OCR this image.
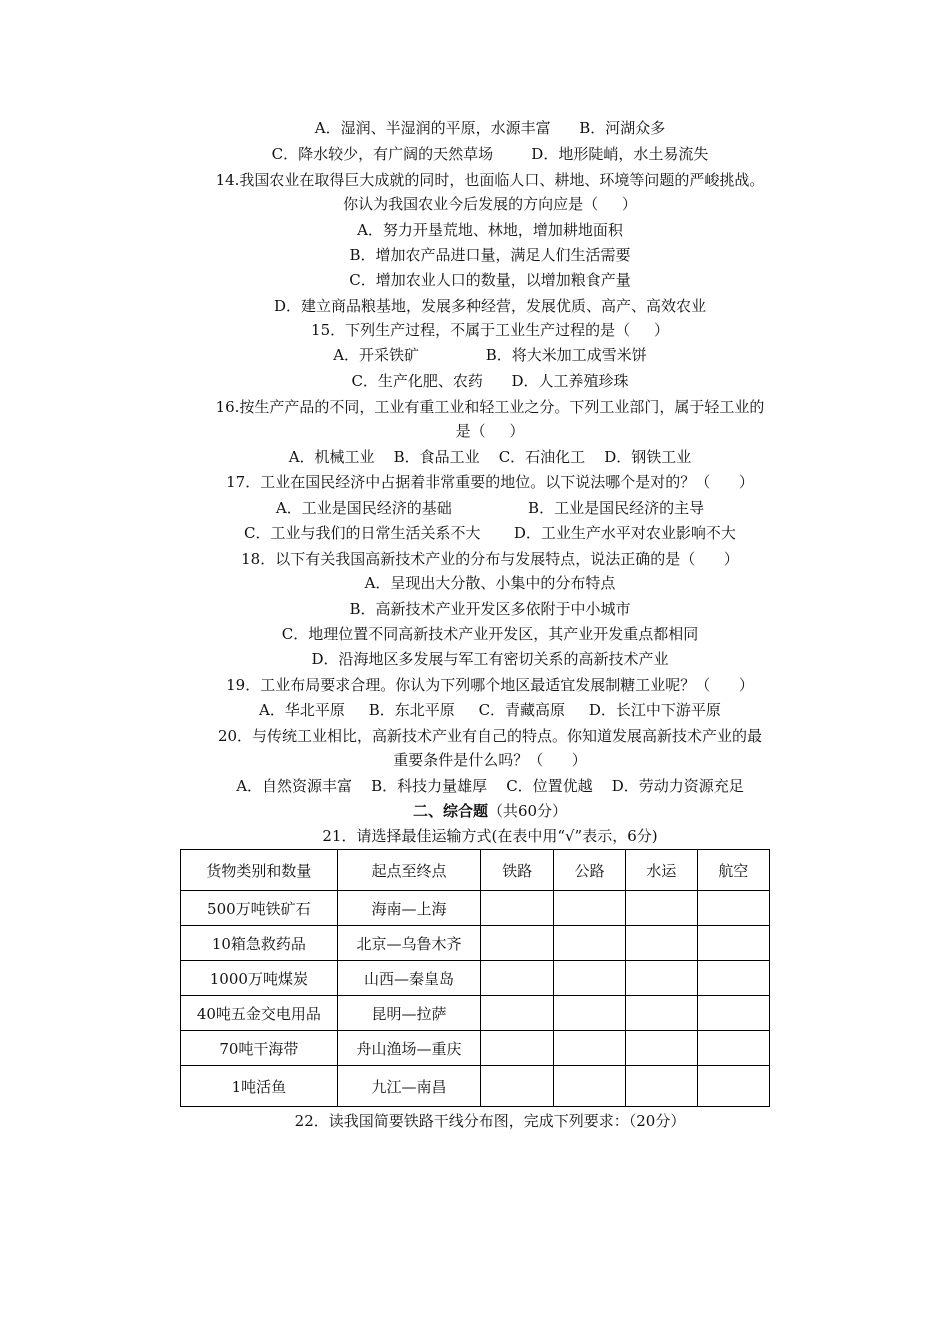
A．湿润、半湿润的平原，水源丰富      B．河湖众多
C．降水较少，有广阔的天然草场        D．地形陡峭，水土易流失
14.我国农业在取得巨大成就的同时，也面临人口、耕地、环境等问题的严峻挑战。
你认为我国农业今后发展的方向应是（     ）
A．努力开垦荒地、林地，增加耕地面积
B．增加农产品进口量，满足人们生活需要
C．增加农业人口的数量，以增加粮食产量
D．建立商品粮基地，发展多种经营，发展优质、高产、高效农业
15．下列生产过程，不属于工业生产过程的是（     ）
A．开采铁矿              B．将大米加工成雪米饼
C．生产化肥、农药      D．人工养殖珍珠
16.按生产产品的不同，工业有重工业和轻工业之分。下列工业部门，属于轻工业的
是（     ）
A．机械工业    B．食品工业    C．石油化工    D．钢铁工业
17．工业在国民经济中占据着非常重要的地位。以下说法哪个是对的？（      ）
A．工业是国民经济的基础                B．工业是国民经济的主导
C．工业与我们的日常生活关系不大       D．工业生产水平对农业影响不大
18．以下有关我国高新技术产业的分布与发展特点，说法正确的是（      ）
A．呈现出大分散、小集中的分布特点
B．高新技术产业开发区多依附于中小城市
C．地理位置不同高新技术产业开发区，其产业开发重点都相同
D．沿海地区多发展与军工有密切关系的高新技术产业
19．工业布局要求合理。你认为下列哪个地区最适宜发展制糖工业呢？（      ）
A．华北平原     B．东北平原     C．青藏高原     D．长江中下游平原
20．与传统工业相比，高新技术产业有自己的特点。你知道发展高新技术产业的最
重要条件是什么吗？（      ）
A．自然资源丰富    B．科技力量雄厚    C．位置优越    D．劳动力资源充足
二、综合题（共60分）
21．请选择最佳运输方式(在表中用“√”表示，6分)
货物类别和数量	起点至终点	铁路	公路	水运	航空
500万吨铁矿石	海南—上海				
10箱急救药品	北京—乌鲁木齐				
1000万吨煤炭	山西—秦皇岛				
40吨五金交电用品	昆明—拉萨				
70吨干海带	舟山渔场—重庆				
1吨活鱼	九江—南昌				
22．读我国简要铁路干线分布图，完成下列要求：（20分）
